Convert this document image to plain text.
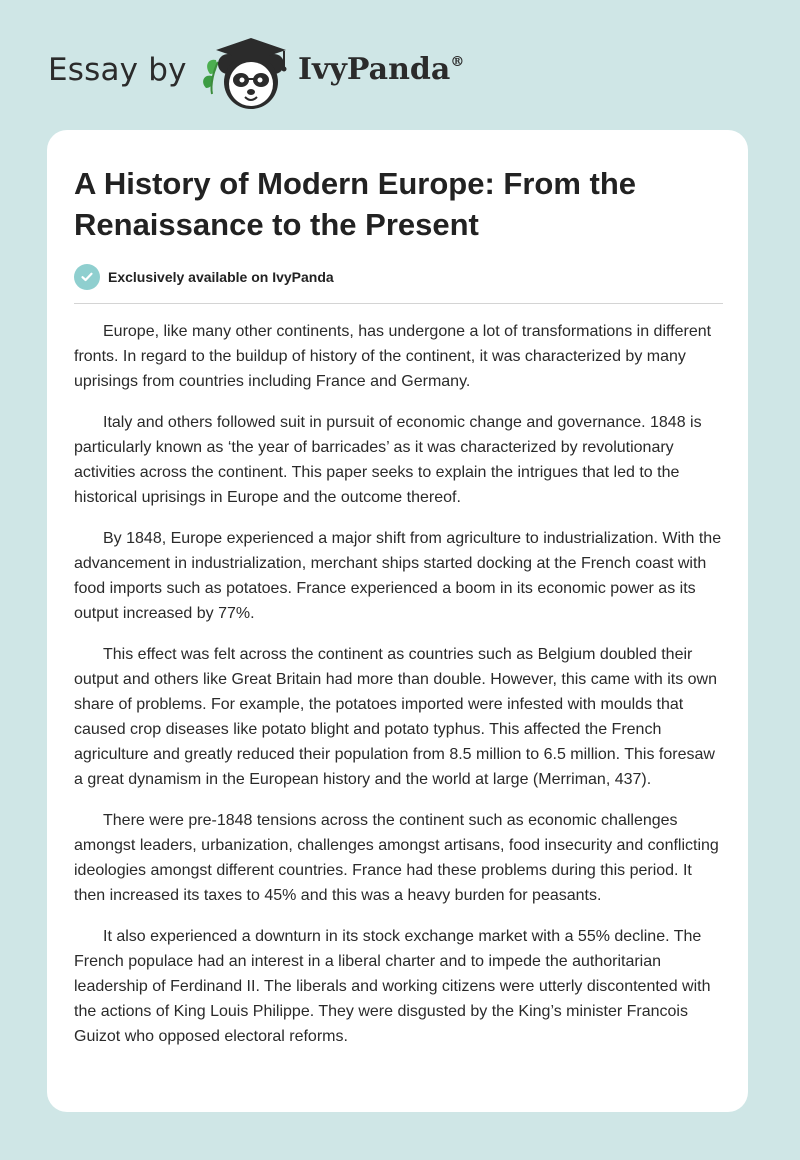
Essay by	IvyPanda®
A History of Modern Europe: From the Renaissance to the Present
Exclusively available on IvyPanda

Europe, like many other continents, has undergone a lot of transformations in different fronts. In regard to the buildup of history of the continent, it was characterized by many uprisings from countries including France and Germany.

Italy and others followed suit in pursuit of economic change and governance. 1848 is particularly known as ‘the year of barricades’ as it was characterized by revolutionary activities across the continent. This paper seeks to explain the intrigues that led to the historical uprisings in Europe and the outcome thereof.

By 1848, Europe experienced a major shift from agriculture to industrialization. With the advancement in industrialization, merchant ships started docking at the French coast with food imports such as potatoes. France experienced a boom in its economic power as its output increased by 77%.

This effect was felt across the continent as countries such as Belgium doubled their output and others like Great Britain had more than double. However, this came with its own share of problems. For example, the potatoes imported were infested with moulds that caused crop diseases like potato blight and potato typhus. This affected the French agriculture and greatly reduced their population from 8.5 million to 6.5 million. This foresaw a great dynamism in the European history and the world at large (Merriman, 437).

There were pre-1848 tensions across the continent such as economic challenges amongst leaders, urbanization, challenges amongst artisans, food insecurity and conflicting ideologies amongst different countries. France had these problems during this period. It then increased its taxes to 45% and this was a heavy burden for peasants.

It also experienced a downturn in its stock exchange market with a 55% decline. The French populace had an interest in a liberal charter and to impede the authoritarian leadership of Ferdinand II. The liberals and working citizens were utterly discontented with the actions of King Louis Philippe. They were disgusted by the King’s minister Francois Guizot who opposed electoral reforms.
